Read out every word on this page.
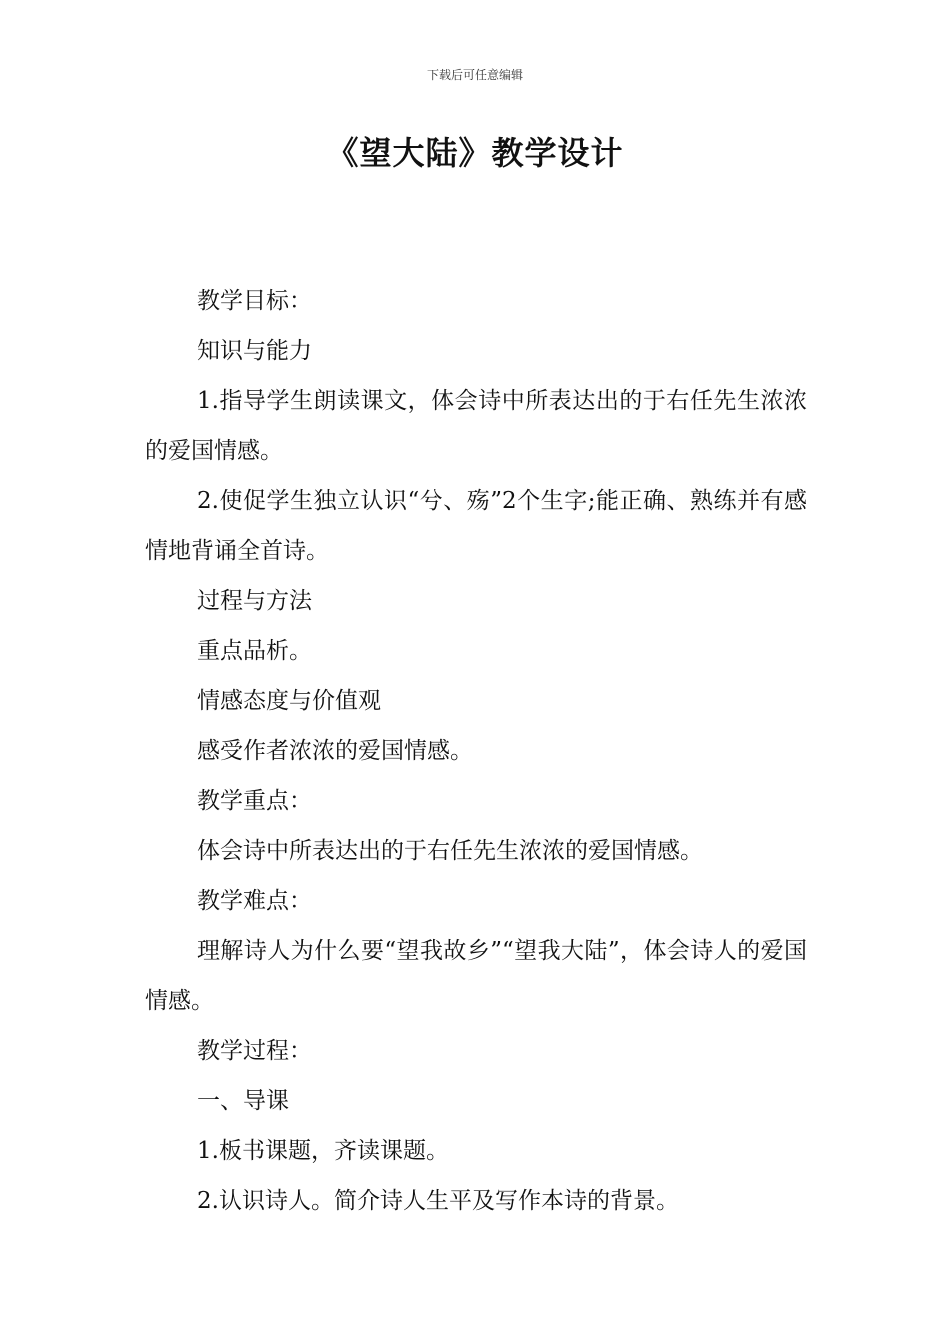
下载后可任意编辑
《望大陆》教学设计

教学目标：

知识与能力

1.指导学生朗读课文，体会诗中所表达出的于右任先生浓浓的爱国情感。

2.使促学生独立认识“兮、殇”2个生字;能正确、熟练并有感情地背诵全首诗。

过程与方法

重点品析。

情感态度与价值观

感受作者浓浓的爱国情感。

教学重点：

体会诗中所表达出的于右任先生浓浓的爱国情感。

教学难点：

理解诗人为什么要“望我故乡”“望我大陆”，体会诗人的爱国情感。

教学过程：

一、导课

1.板书课题，齐读课题。

2.认识诗人。简介诗人生平及写作本诗的背景。
